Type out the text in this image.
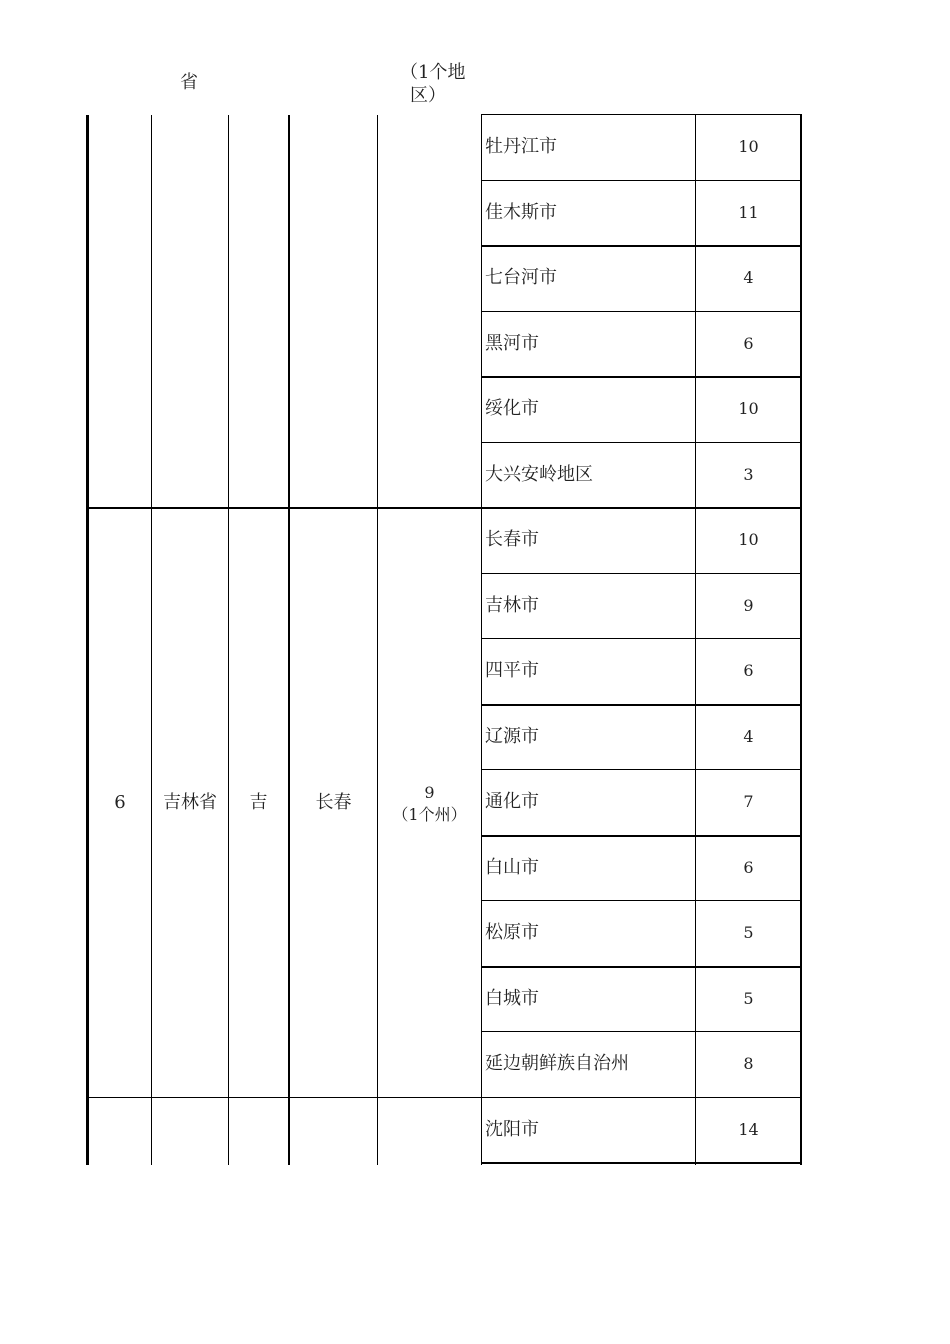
省	（1个地
区）
牡丹江市	10
佳木斯市	11
七台河市	4
黑河市	6
绥化市	10
大兴安岭地区	3
6	吉林省	吉	长春	9
（1个州）
长春市	10
吉林市	9
四平市	6
辽源市	4
通化市	7
白山市	6
松原市	5
白城市	5
延边朝鲜族自治州	8
沈阳市	14
